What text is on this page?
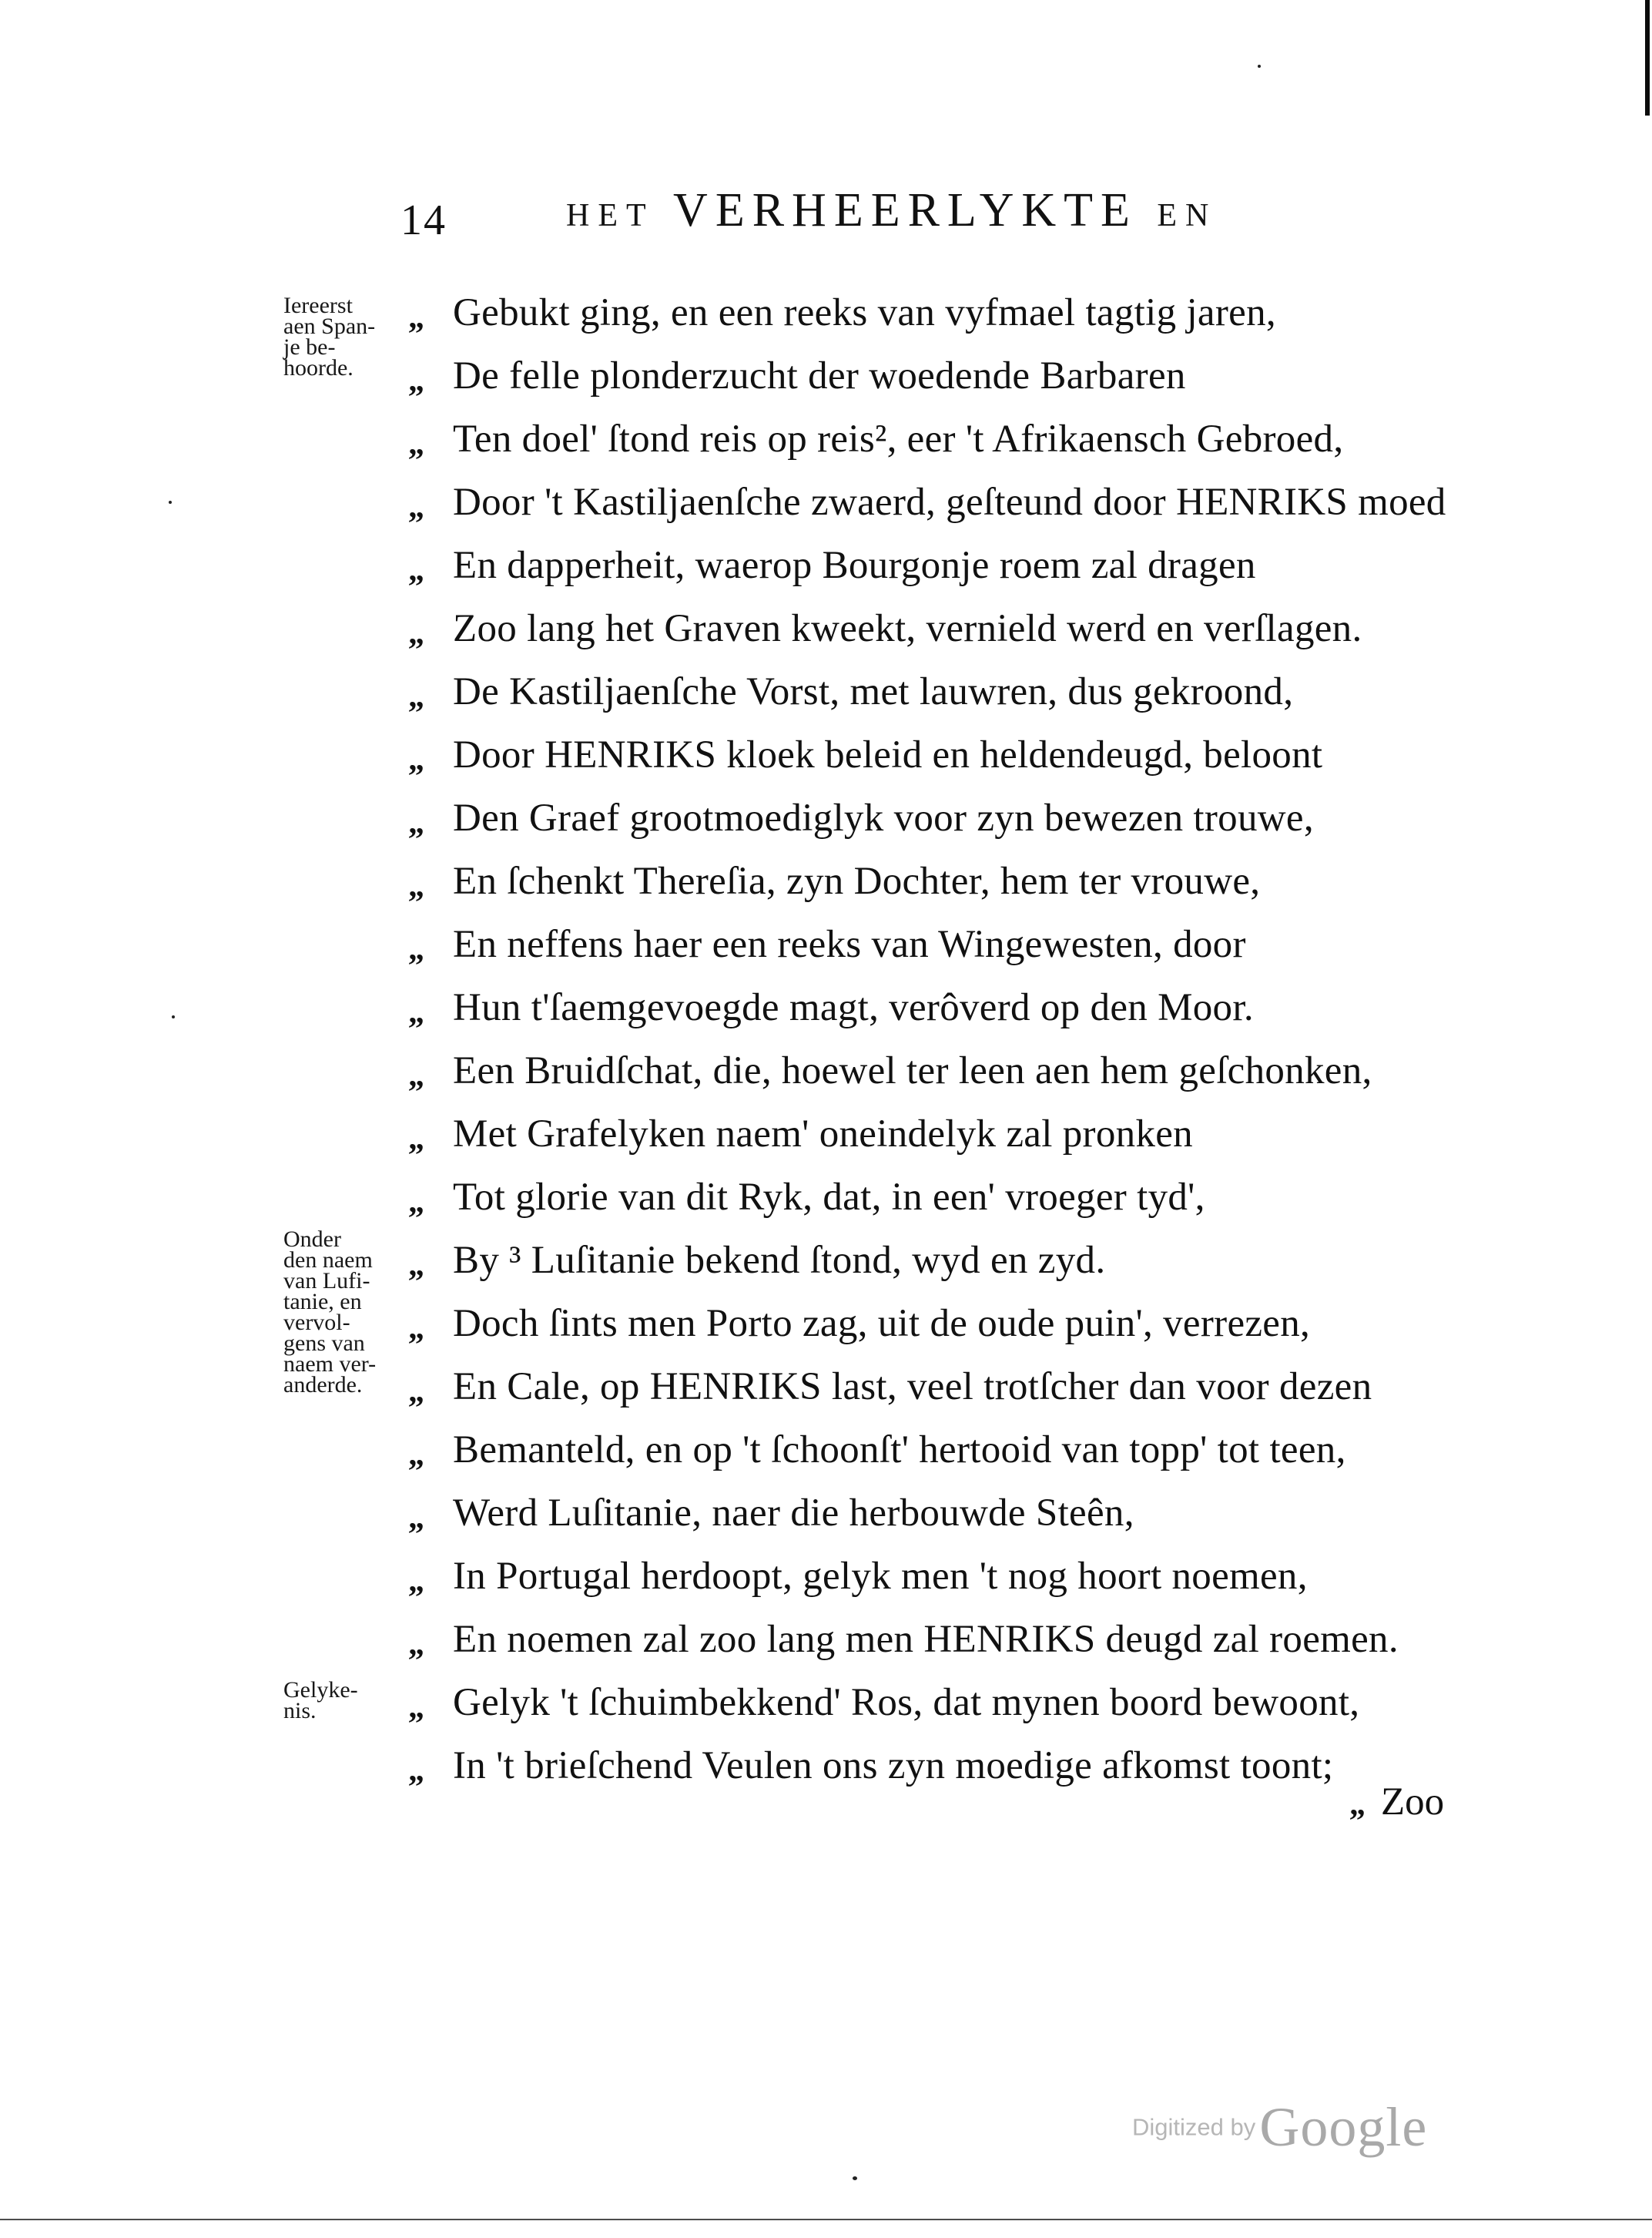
14	HET VERHEERLYKTE EN
Iereerst
aen Span-
je be-
hoorde.
Onder
den naem
van Lufi-
tanie, en
vervol-
gens van
naem ver-
anderde.
Gelyke-
nis.
„ Gebukt ging, en een reeks van vyfmael tagtig jaren,
„ De felle plonderzucht der woedende Barbaren
„ Ten doel' ſtond reis op reis², eer 't Afrikaensch Gebroed,
„ Door 't Kastiljaenſche zwaerd, geſteund door HENRIKS moed
„ En dapperheit, waerop Bourgonje roem zal dragen
„ Zoo lang het Graven kweekt, vernield werd en verſlagen.
„ De Kastiljaenſche Vorst, met lauwren, dus gekroond,
„ Door HENRIKS kloek beleid en heldendeugd, beloont
„ Den Graef grootmoediglyk voor zyn bewezen trouwe,
„ En ſchenkt Thereſia, zyn Dochter, hem ter vrouwe,
„ En neffens haer een reeks van Wingewesten, door
„ Hun t'ſaemgevoegde magt, verôverd op den Moor.
„ Een Bruidſchat, die, hoewel ter leen aen hem geſchonken,
„ Met Grafelyken naem' oneindelyk zal pronken
„ Tot glorie van dit Ryk, dat, in een' vroeger tyd',
„ By ³ Luſitanie bekend ſtond, wyd en zyd.
„ Doch ſints men Porto zag, uit de oude puin', verrezen,
„ En Cale, op HENRIKS last, veel trotſcher dan voor dezen
„ Bemanteld, en op 't ſchoonſt' hertooid van topp' tot teen,
„ Werd Luſitanie, naer die herbouwde Steên,
„ In Portugal herdoopt, gelyk men 't nog hoort noemen,
„ En noemen zal zoo lang men HENRIKS deugd zal roemen.
„ Gelyk 't ſchuimbekkend' Ros, dat mynen boord bewoont,
„ In 't brieſchend Veulen ons zyn moedige afkomst toont;
„ Zoo
Digitized by Google
